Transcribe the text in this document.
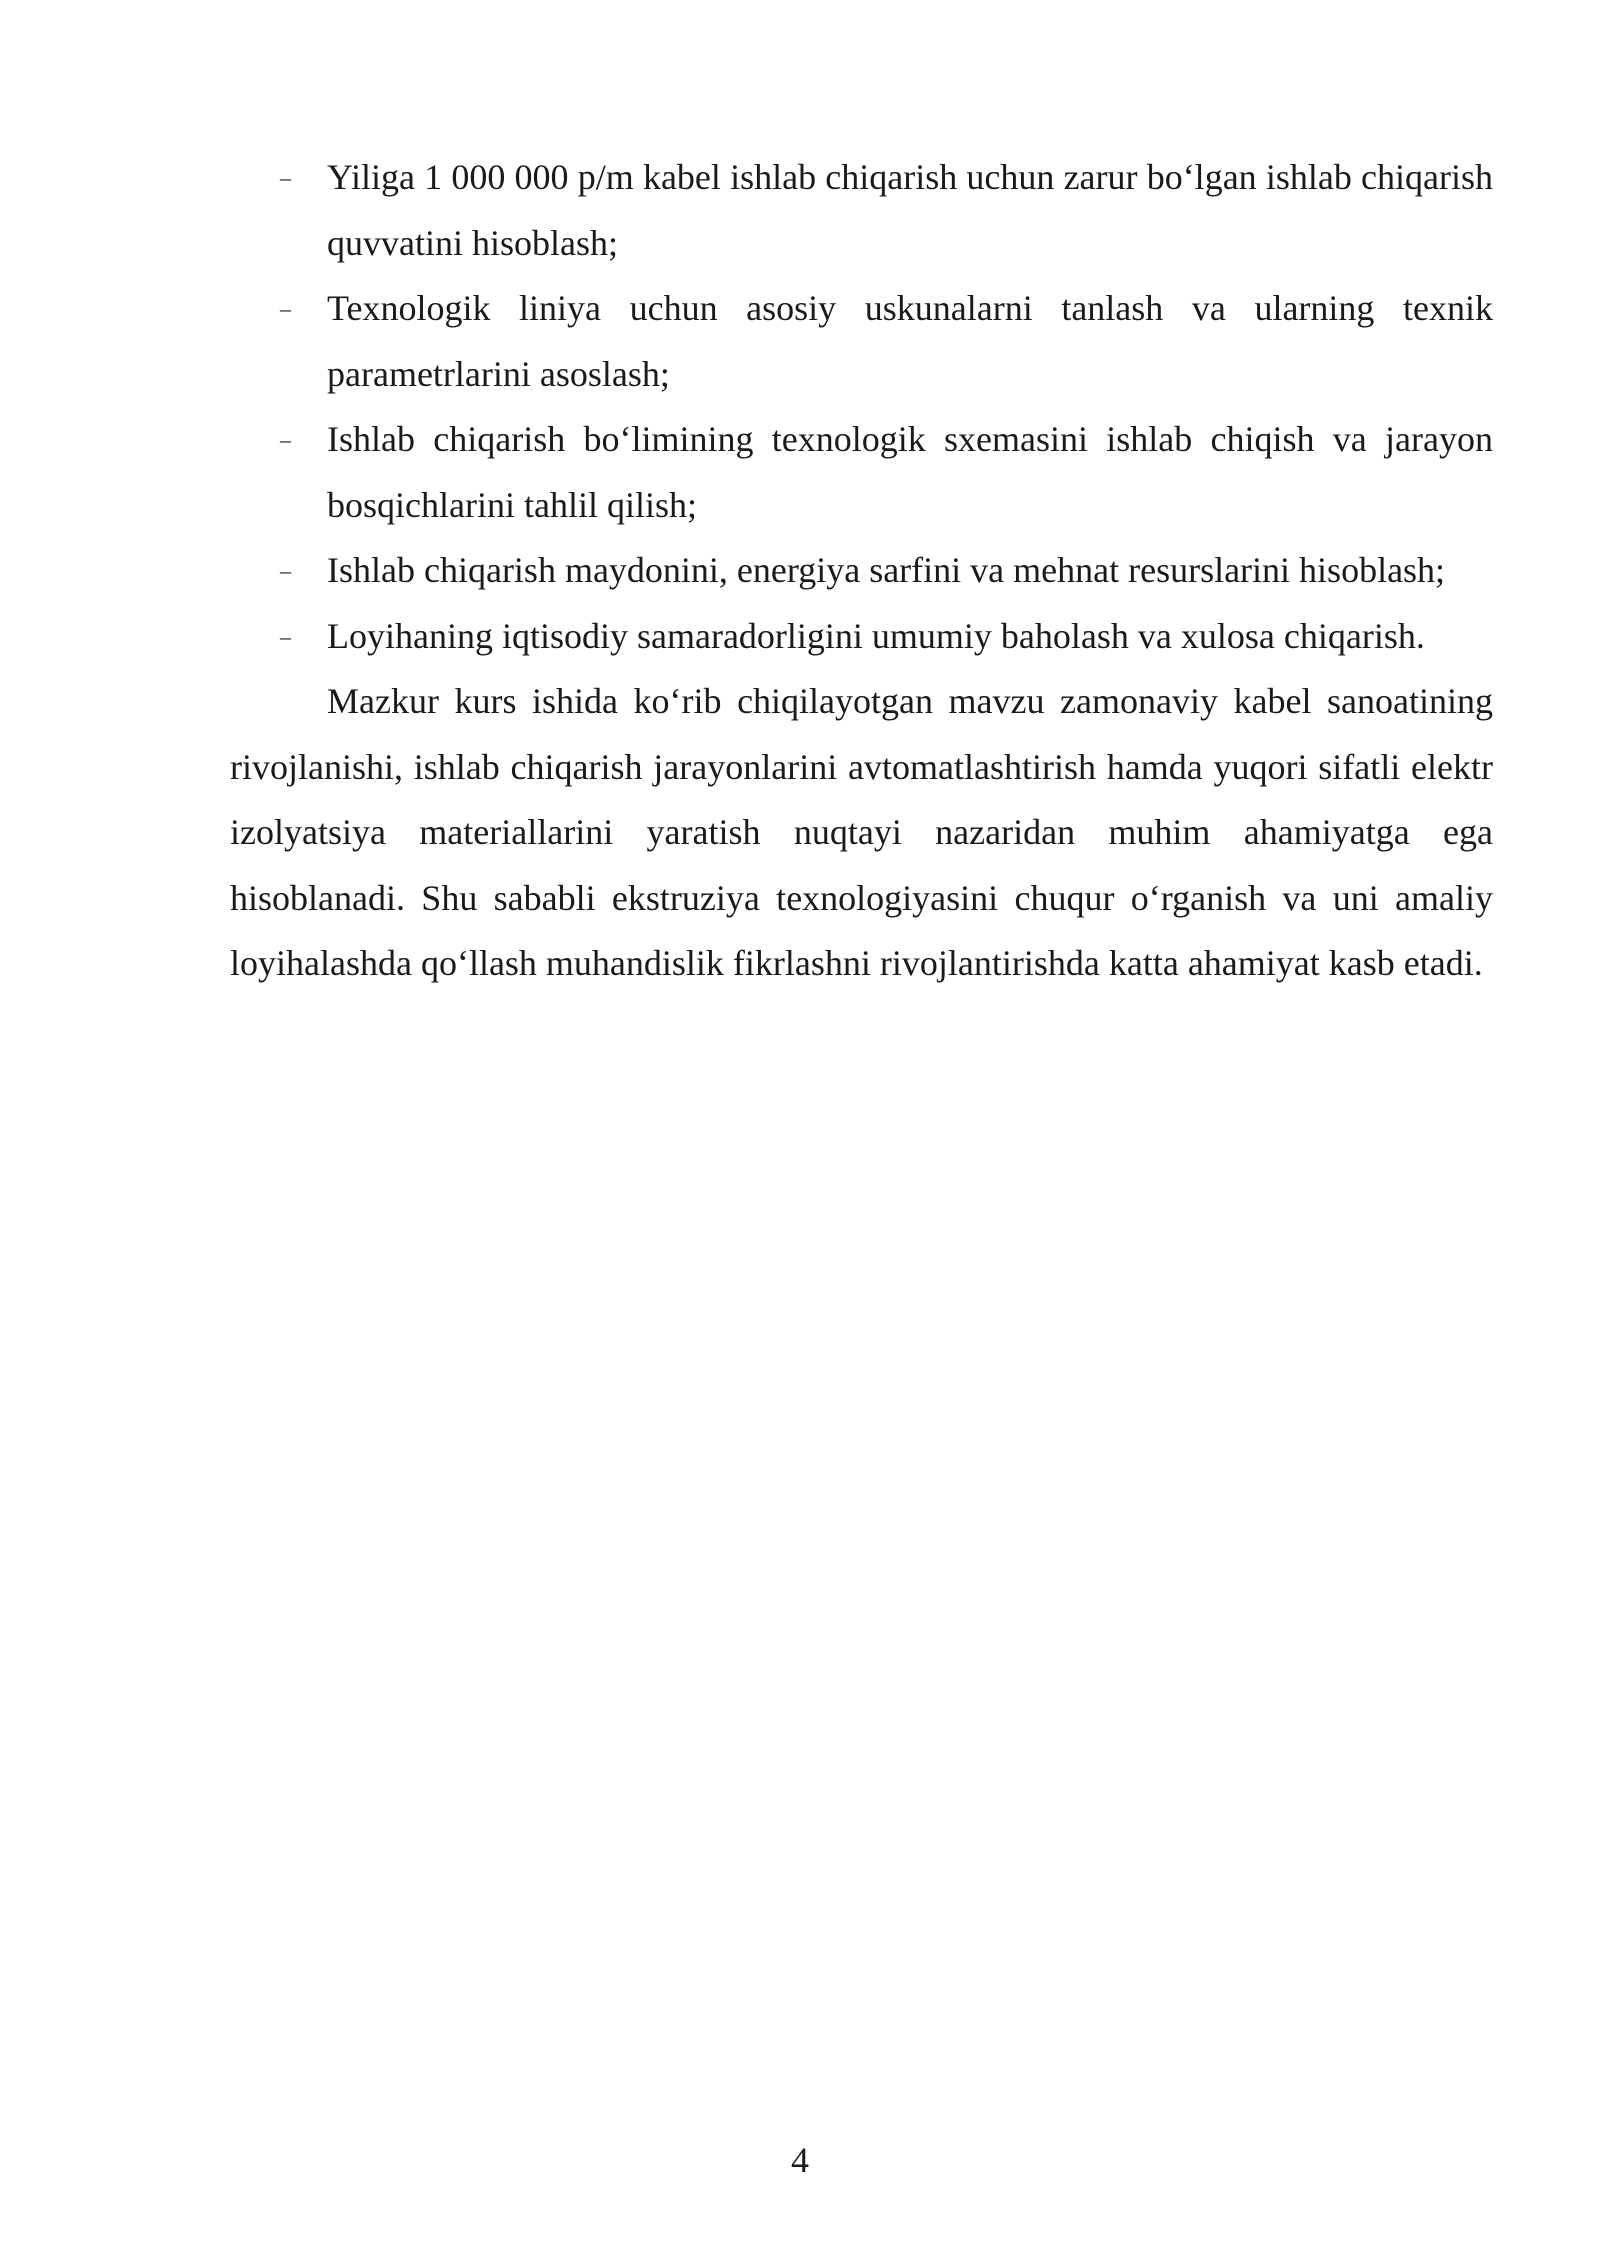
– Yiliga 1 000 000 p/m kabel ishlab chiqarish uchun zarur bo‘lgan ishlab chiqarish quvvatini hisoblash;
– Texnologik liniya uchun asosiy uskunalarni tanlash va ularning texnik parametrlarini asoslash;
– Ishlab chiqarish bo‘limining texnologik sxemasini ishlab chiqish va jarayon bosqichlarini tahlil qilish;
– Ishlab chiqarish maydonini, energiya sarfini va mehnat resurslarini hisoblash;
– Loyihaning iqtisodiy samaradorligini umumiy baholash va xulosa chiqarish.

Mazkur kurs ishida ko‘rib chiqilayotgan mavzu zamonaviy kabel sanoatining rivojlanishi, ishlab chiqarish jarayonlarini avtomatlashtirish hamda yuqori sifatli elektr izolyatsiya materiallarini yaratish nuqtayi nazaridan muhim ahamiyatga ega hisoblanadi. Shu sababli ekstruziya texnologiyasini chuqur o‘rganish va uni amaliy loyihalashda qo‘llash muhandislik fikrlashni rivojlantirishda katta ahamiyat kasb etadi.

4
